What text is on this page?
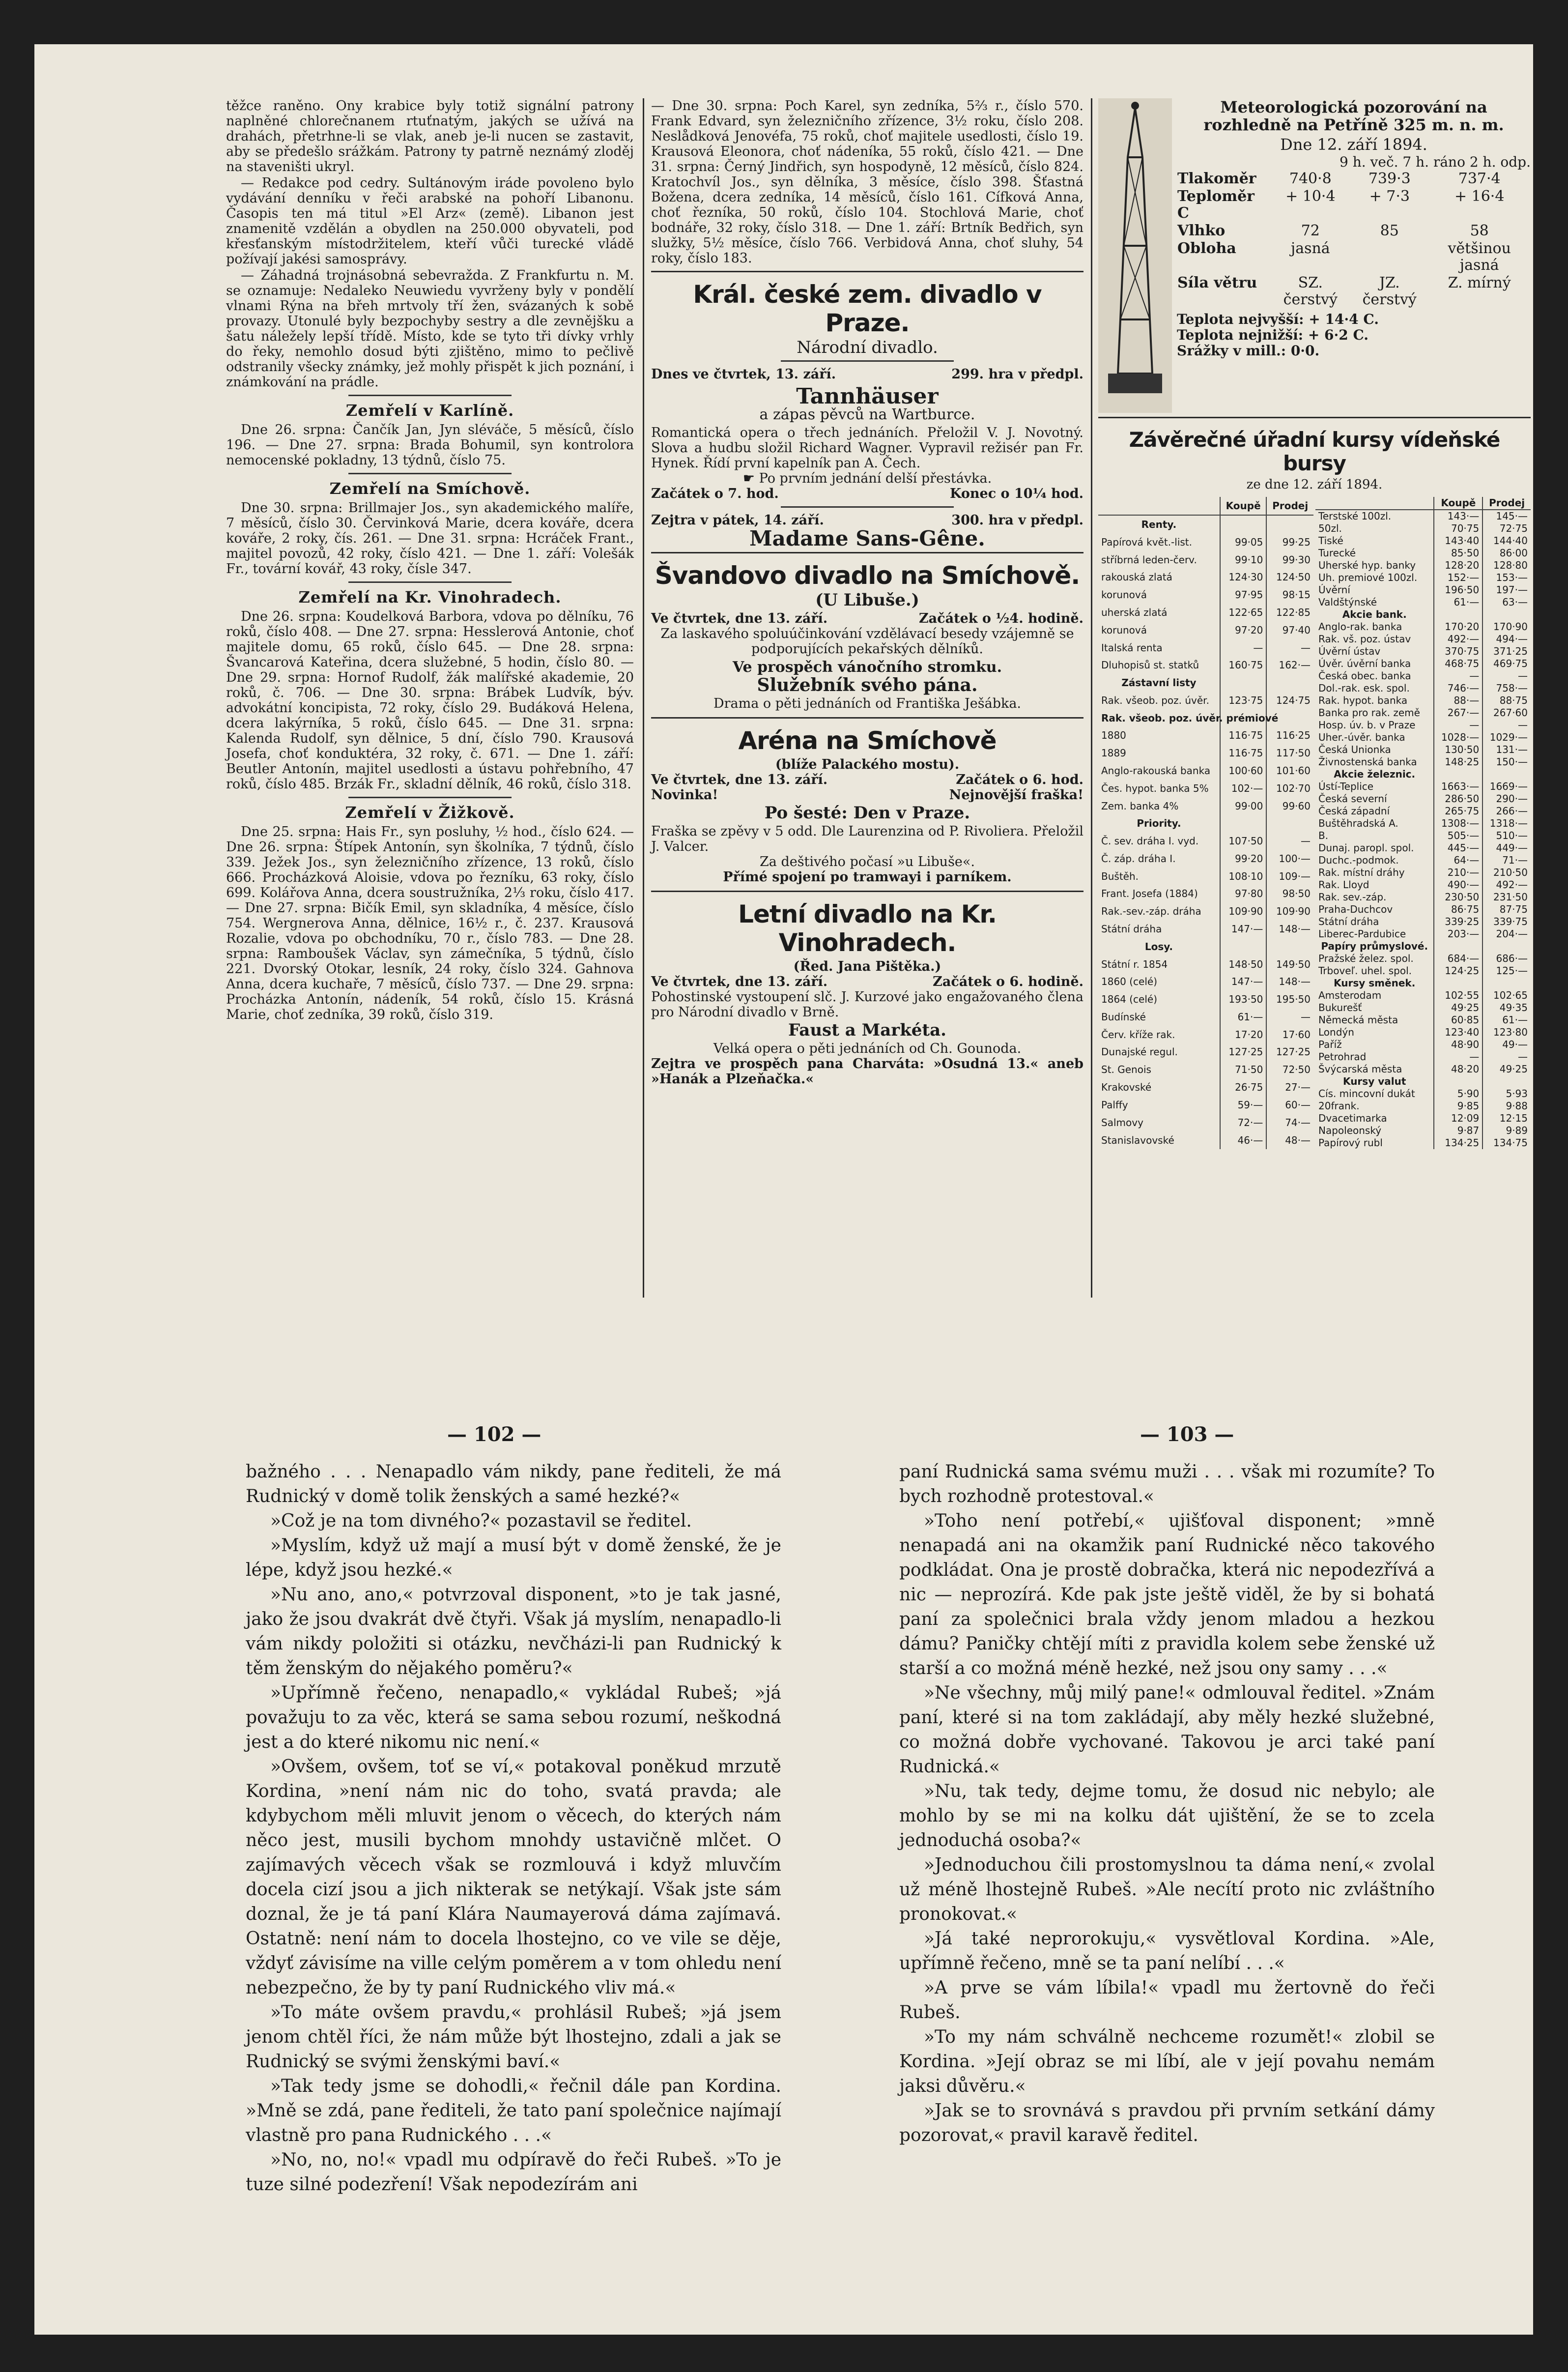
těžce raněno. Ony krabice byly totiž signální patrony naplněné chlorečnanem rtuťnatým, jakých se užívá na drahách, přetrhne-li se vlak, aneb je-li nucen se zastavit, aby se předešlo srážkám. Patrony ty patrně neznámý zloděj na staveništi ukryl.

— Redakce pod cedry. Sultánovým iráde povoleno bylo vydávání denníku v řeči arabské na pohoří Libanonu. Časopis ten má titul »El Arz« (země). Libanon jest znamenitě vzdělán a obydlen na 250.000 obyvateli, pod křesťanským místodržitelem, kteří vůči turecké vládě požívají jakési samosprávy.

— Záhadná trojnásobná sebevražda. Z Frankfurtu n. M. se oznamuje: Nedaleko Neuwiedu vyvrženy byly v pondělí vlnami Rýna na břeh mrtvoly tří žen, svázaných k sobě provazy. Utonulé byly bezpochyby sestry a dle zevnějšku a šatu náležely lepší třídě. Místo, kde se tyto tři dívky vrhly do řeky, nemohlo dosud býti zjištěno, mimo to pečlivě odstranily všecky známky, jež mohly přispět k jich poznání, i známkování na prádle.

Zemřelí v Karlíně.

Dne 26. srpna: Čančík Jan, Jyn sléváče, 5 měsíců, číslo 196. — Dne 27. srpna: Brada Bohumil, syn kontrolora nemocenské pokladny, 13 týdnů, číslo 75.

Zemřelí na Smíchově.

Dne 30. srpna: Brillmajer Jos., syn akademického malíře, 7 měsíců, číslo 30. Červinková Marie, dcera kováře, dcera kováře, 2 roky, čís. 261. — Dne 31. srpna: Hcráček Frant., majitel povozů, 42 roky, číslo 421. — Dne 1. září: Volešák Fr., tovární kovář, 43 roky, čísle 347.

Zemřelí na Kr. Vinohradech.

Dne 26. srpna: Koudelková Barbora, vdova po dělníku, 76 roků, číslo 408. — Dne 27. srpna: Hesslerová Antonie, choť majitele domu, 65 roků, číslo 645. — Dne 28. srpna: Švancarová Kateřina, dcera služebné, 5 hodin, číslo 80. — Dne 29. srpna: Hornof Rudolf, žák malířské akademie, 20 roků, č. 706. — Dne 30. srpna: Brábek Ludvík, býv. advokátní koncipista, 72 roky, číslo 29. Budáková Helena, dcera lakýrníka, 5 roků, číslo 645. — Dne 31. srpna: Kalenda Rudolf, syn dělnice, 5 dní, číslo 790. Krausová Josefa, choť konduktéra, 32 roky, č. 671. — Dne 1. září: Beutler Antonín, majitel usedlosti a ústavu pohřebního, 47 roků, číslo 485. Brzák Fr., skladní dělník, 46 roků, číslo 318.

Zemřelí v Žižkově.

Dne 25. srpna: Hais Fr., syn posluhy, ½ hod., číslo 624. — Dne 26. srpna: Štípek Antonín, syn školníka, 7 týdnů, číslo 339. Ježek Jos., syn železničního zřízence, 13 roků, číslo 666. Procházková Aloisie, vdova po řezníku, 63 roky, číslo 699. Kolářova Anna, dcera soustružníka, 2⅓ roku, číslo 417. — Dne 27. srpna: Bičík Emil, syn skladníka, 4 měsíce, číslo 754. Wergnerova Anna, dělnice, 16½ r., č. 237. Krausová Rozalie, vdova po obchodníku, 70 r., číslo 783. — Dne 28. srpna: Ramboušek Václav, syn zámečníka, 5 týdnů, číslo 221. Dvorský Otokar, lesník, 24 roky, číslo 324. Gahnova Anna, dcera kuchaře, 7 měsíců, číslo 737. — Dne 29. srpna: Procházka Antonín, nádeník, 54 roků, číslo 15. Krásná Marie, choť zedníka, 39 roků, číslo 319.

— Dne 30. srpna: Poch Karel, syn zedníka, 5⅔ r., číslo 570. Frank Edvard, syn železničního zřízence, 3½ roku, číslo 208. Neslådková Jenovéfa, 75 roků, choť majitele usedlosti, číslo 19. Krausová Eleonora, choť nádeníka, 55 roků, číslo 421. — Dne 31. srpna: Černý Jindřich, syn hospodyně, 12 měsíců, číslo 824. Kratochvíl Jos., syn dělníka, 3 měsíce, číslo 398. Šťastná Božena, dcera zedníka, 14 měsíců, číslo 161. Cífková Anna, choť řezníka, 50 roků, číslo 104. Stochlová Marie, choť bodnáře, 32 roky, číslo 318. — Dne 1. září: Brtník Bedřich, syn služky, 5½ měsíce, číslo 766. Verbidová Anna, choť sluhy, 54 roky, číslo 183.

Král. české zem. divadlo v Praze.
Národní divadlo.
Dnes ve čtvrtek, 13. září.	299. hra v předpl.
Tannhäuser
a zápas pěvců na Wartburce.

Romantická opera o třech jednáních. Přeložil V. J. Novotný. Slova a hudbu složil Richard Wagner. Vypravil režisér pan Fr. Hynek. Řídí první kapelník pan A. Čech.

☛ Po prvním jednání delší přestávka.
Začátek o 7. hod.	Konec o 10¼ hod.
Zejtra v pátek, 14. září.	300. hra v předpl.
Madame Sans-Gêne.
Švandovo divadlo na Smíchově.
(U Libuše.)
Ve čtvrtek, dne 13. září.	Začátek o ½4. hodině.

Za laskavého spoluúčinkování vzdělávací besedy vzájemně se podporujících pekařských dělníků.

Ve prospěch vánočního stromku.
Služebník svého pána.
Drama o pěti jednáních od Františka Ješábka.
Aréna na Smíchově
(blíže Palackého mostu).
Ve čtvrtek, dne 13. září.	Začátek o 6. hod.
Novinka!	Nejnovější fraška!
Po šesté: Den v Praze.

Fraška se zpěvy v 5 odd. Dle Laurenzina od P. Rivoliera. Přeložil J. Valcer.

Za deštivého počasí »u Libuše«.
Přímé spojení po tramwayi i parníkem.
Letní divadlo na Kr. Vinohradech.
(Řed. Jana Pištěka.)
Ve čtvrtek, dne 13. září.	Začátek o 6. hodině.

Pohostinské vystoupení slč. J. Kurzové jako engažovaného člena pro Národní divadlo v Brně.

Faust a Markéta.
Velká opera o pěti jednáních od Ch. Gounoda.

Zejtra ve prospěch pana Charváta: »Osudná 13.« aneb »Hanák a Plzeňačka.«

Meteorologická pozorování na rozhledně na Petříně 325 m. n. m.
Dne 12. září 1894.
9 h. več. 7 h. ráno 2 h. odp.
Tlakoměr	740·8	739·3	737·4
Teploměr C	+ 10·4	+ 7·3	+ 16·4
Vlhko	72	85	58
Obloha	jasná		většinou jasná
Síla větru	SZ. čerstvý	JZ. čerstvý	Z. mírný
Teplota nejvyšší: + 14·4 C.
Teplota nejnižší: + 6·2 C.
Srážky v mill.: 0·0.
Závěrečné úřadní kursy vídeňské bursy
ze dne 12. září 1894.
	Koupě	Prodej
Renty.		
Papírová květ.-list.	99·05	99·25
stříbrná leden-červ.	99·10	99·30
rakouská zlatá	124·30	124·50
korunová	97·95	98·15
uherská zlatá	122·65	122·85
korunová	97·20	97·40
Italská renta	—	—
Dluhopisů st. statků	160·75	162·—
Zástavní listy		
Rak. všeob. poz. úvěr.	123·75	124·75
Rak. všeob. poz. úvěr. prémiové		
1880	116·75	116·25
1889	116·75	117·50
Anglo-rakouská banka	100·60	101·60
Čes. hypot. banka 5%	102·—	102·70
Zem. banka 4%	99·00	99·60
Priority.		
Č. sev. dráha I. vyd.	107·50	—
Č. záp. dráha I.	99·20	100·—
Buštěh.	108·10	109·—
Frant. Josefa (1884)	97·80	98·50
Rak.-sev.-záp. dráha	109·90	109·90
Státní dráha	147·—	148·—
Losy.		
Státní r. 1854	148·50	149·50
1860 (celé)	147·—	148·—
1864 (celé)	193·50	195·50
Budínské	61·—	—
Červ. kříže rak.	17·20	17·60
Dunajské regul.	127·25	127·25
St. Genois	71·50	72·50
Krakovské	26·75	27·—
Palffy	59·—	60·—
Salmovy	72·—	74·—
Stanislavovské	46·—	48·—
	Koupě	Prodej
Terstské 100zl.	143·—	145·—
50zl.	70·75	72·75
Tiské	143·40	144·40
Turecké	85·50	86·00
Uherské hyp. banky	128·20	128·80
Uh. premiové 100zl.	152·—	153·—
Úvěrní	196·50	197·—
Valdštýnské	61·—	63·—
Akcie bank.		
Anglo-rak. banka	170·20	170·90
Rak. vš. poz. ústav	492·—	494·—
Úvěrní ústav	370·75	371·25
Úvěr. úvěrní banka	468·75	469·75
Česká obec. banka	—	—
Dol.-rak. esk. spol.	746·—	758·—
Rak. hypot. banka	88·—	88·75
Banka pro rak. země	267·—	267·60
Hosp. úv. b. v Praze	—	—
Uher.-úvěr. banka	1028·—	1029·—
Česká Unionka	130·50	131·—
Živnostenská banka	148·25	150·—
Akcie železnic.		
Ústí-Teplice	1663·—	1669·—
Česká severní	286·50	290·—
Česká západní	265·75	266·—
Buštěhradská A.	1308·—	1318·—
B.	505·—	510·—
Dunaj. paropl. spol.	445·—	449·—
Duchc.-podmok.	64·—	71·—
Rak. místní dráhy	210·—	210·50
Rak. Lloyd	490·—	492·—
Rak. sev.-záp.	230·50	231·50
Praha-Duchcov	86·75	87·75
Státní dráha	339·25	339·75
Liberec-Pardubice	203·—	204·—
Papíry průmyslové.		
Pražské želez. spol.	684·—	686·—
Trboveľ. uhel. spol.	124·25	125·—
Kursy směnek.		
Amsterodam	102·55	102·65
Bukurešť	49·25	49·35
Německá města	60·85	61·—
Londýn	123·40	123·80
Paříž	48·90	49·—
Petrohrad	—	—
Švýcarská města	48·20	49·25
Kursy valut		
Cís. mincovní dukát	5·90	5·93
20frank.	9·85	9·88
Dvacetimarka	12·09	12·15
Napoleonský	9·87	9·89
Papírový rubl	134·25	134·75
— 102 —	— 103 —

bažného . . . Nenapadlo vám nikdy, pane řediteli, že má Rudnický v domě tolik ženských a samé hezké?«

»Což je na tom divného?« pozastavil se ředitel.

»Myslím, když už mají a musí být v domě ženské, že je lépe, když jsou hezké.«

»Nu ano, ano,« potvrzoval disponent, »to je tak jasné, jako že jsou dvakrát dvě čtyři. Však já myslím, nenapadlo-li vám nikdy položiti si otázku, nevčházi-li pan Rudnický k těm ženským do nějakého poměru?«

»Upřímně řečeno, nenapadlo,« vykládal Rubeš; »já považuju to za věc, která se sama sebou rozumí, neškodná jest a do které nikomu nic není.«

»Ovšem, ovšem, toť se ví,« potakoval poněkud mrzutě Kordina, »není nám nic do toho, svatá pravda; ale kdybychom měli mluvit jenom o věcech, do kterých nám něco jest, musili bychom mnohdy ustavičně mlčet. O zajímavých věcech však se rozmlouvá i když mluvčím docela cizí jsou a jich nikterak se netýkají. Však jste sám doznal, že je tá paní Klára Naumayerová dáma zajímavá. Ostatně: není nám to docela lhostejno, co ve vile se děje, vždyť závisíme na ville celým poměrem a v tom ohledu není nebezpečno, že by ty paní Rudnického vliv má.«

»To máte ovšem pravdu,« prohlásil Rubeš; »já jsem jenom chtěl říci, že nám může být lhostejno, zdali a jak se Rudnický se svými ženskými baví.«

»Tak tedy jsme se dohodli,« řečnil dále pan Kordina. »Mně se zdá, pane řediteli, že tato paní společnice najímají vlastně pro pana Rudnického . . .«

»No, no, no!« vpadl mu odpíravě do řeči Rubeš. »To je tuze silné podezření! Však nepodezírám ani

paní Rudnická sama svému muži . . . však mi rozumíte? To bych rozhodně protestoval.«

»Toho není potřebí,« ujišťoval disponent; »mně nenapadá ani na okamžik paní Rudnické něco takového podkládat. Ona je prostě dobračka, která nic nepodezřívá a nic — neprozírá. Kde pak jste ještě viděl, že by si bohatá paní za společnici brala vždy jenom mladou a hezkou dámu? Paničky chtějí míti z pravidla kolem sebe ženské už starší a co možná méně hezké, než jsou ony samy . . .«

»Ne všechny, můj milý pane!« odmlouval ředitel. »Znám paní, které si na tom zakládají, aby měly hezké služebné, co možná dobře vychované. Takovou je arci také paní Rudnická.«

»Nu, tak tedy, dejme tomu, že dosud nic nebylo; ale mohlo by se mi na kolku dát ujištění, že se to zcela jednoduchá osoba?«

»Jednoduchou čili prostomyslnou ta dáma není,« zvolal už méně lhostejně Rubeš. »Ale necítí proto nic zvláštního pronokovat.«

»Já také neprorokuju,« vysvětloval Kordina. »Ale, upřímně řečeno, mně se ta paní nelíbí . . .«

»A prve se vám líbila!« vpadl mu žertovně do řeči Rubeš.

»To my nám schválně nechceme rozumět!« zlobil se Kordina. »Její obraz se mi líbí, ale v její povahu nemám jaksi důvěru.«

»Jak se to srovnává s pravdou při prvním setkání dámy pozorovat,« pravil karavě ředitel.
